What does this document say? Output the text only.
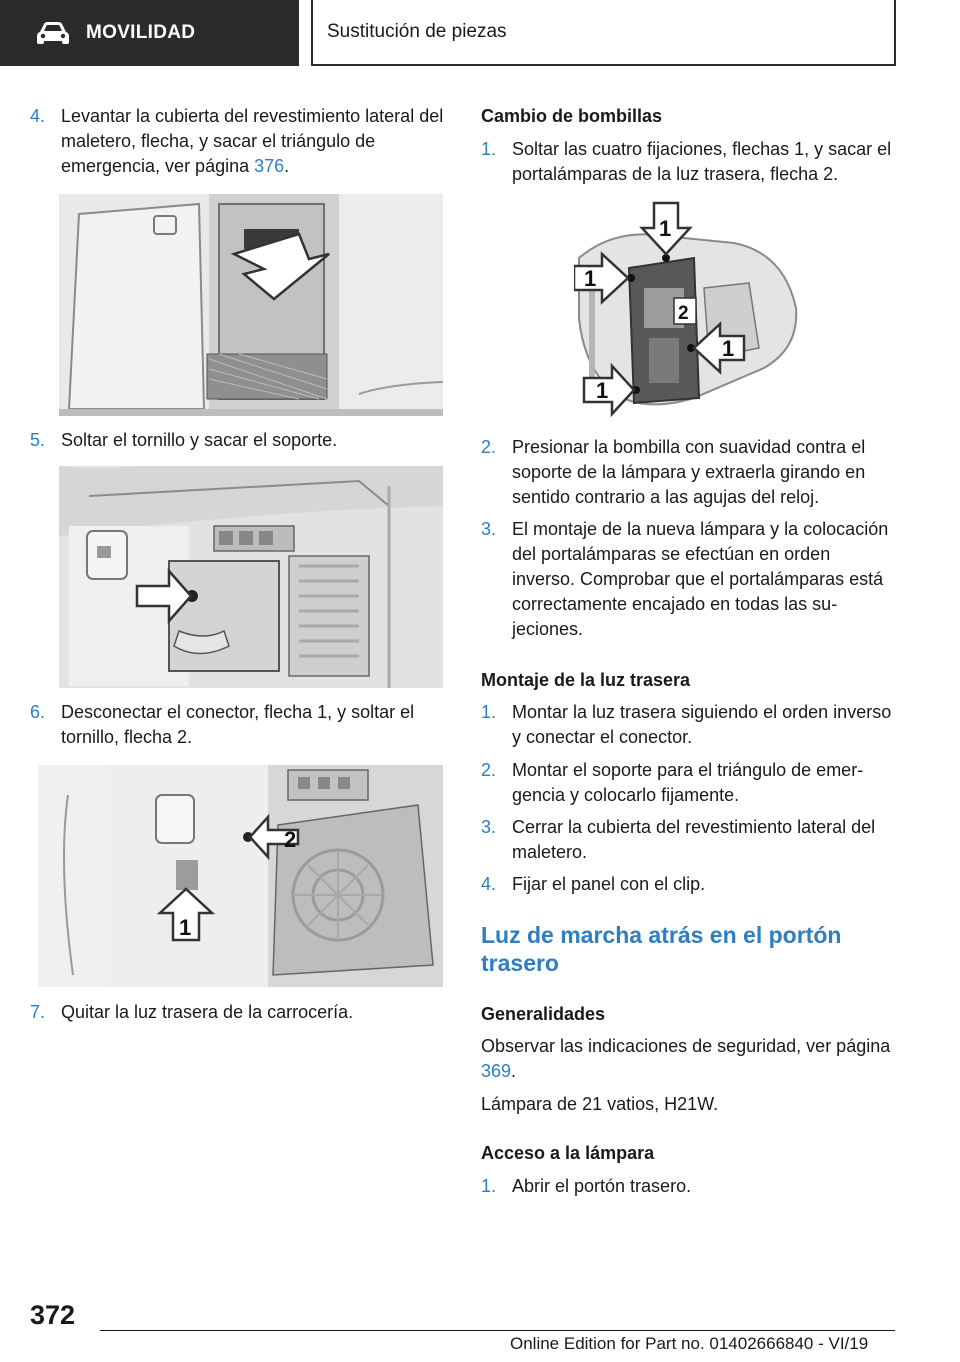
MOVILIDAD	Sustitución de piezas
4. Levantar la cubierta del revestimiento lateral del maletero, flecha, y sacar el triángulo de emergencia, ver página 376.
5. Soltar el tornillo y sacar el soporte.
6. Desconectar el conector, flecha 1, y soltar el tornillo, flecha 2.
2
1
7. Quitar la luz trasera de la carrocería.
Cambio de bombillas
1. Soltar las cuatro fijaciones, flechas 1, y sacar el portalámparas de la luz trasera, flecha 2.
2
1
1
1
1
2. Presionar la bombilla con suavidad contra el soporte de la lámpara y extraerla girando en sentido contrario a las agujas del reloj.
3. El montaje de la nueva lámpara y la colocación del portalámparas se efectúan en orden inverso. Comprobar que el portalámparas está correctamente encajado en todas las sujeciones.
Montaje de la luz trasera
1. Montar la luz trasera siguiendo el orden inverso y conectar el conector.
2. Montar el soporte para el triángulo de emergencia y colocarlo fijamente.
3. Cerrar la cubierta del revestimiento lateral del maletero.
4. Fijar el panel con el clip.
Luz de marcha atrás en el portón trasero
Generalidades
Observar las indicaciones de seguridad, ver página 369.
Lámpara de 21 vatios, H21W.
Acceso a la lámpara
1. Abrir el portón trasero.
372
Online Edition for Part no. 01402666840 - VI/19
